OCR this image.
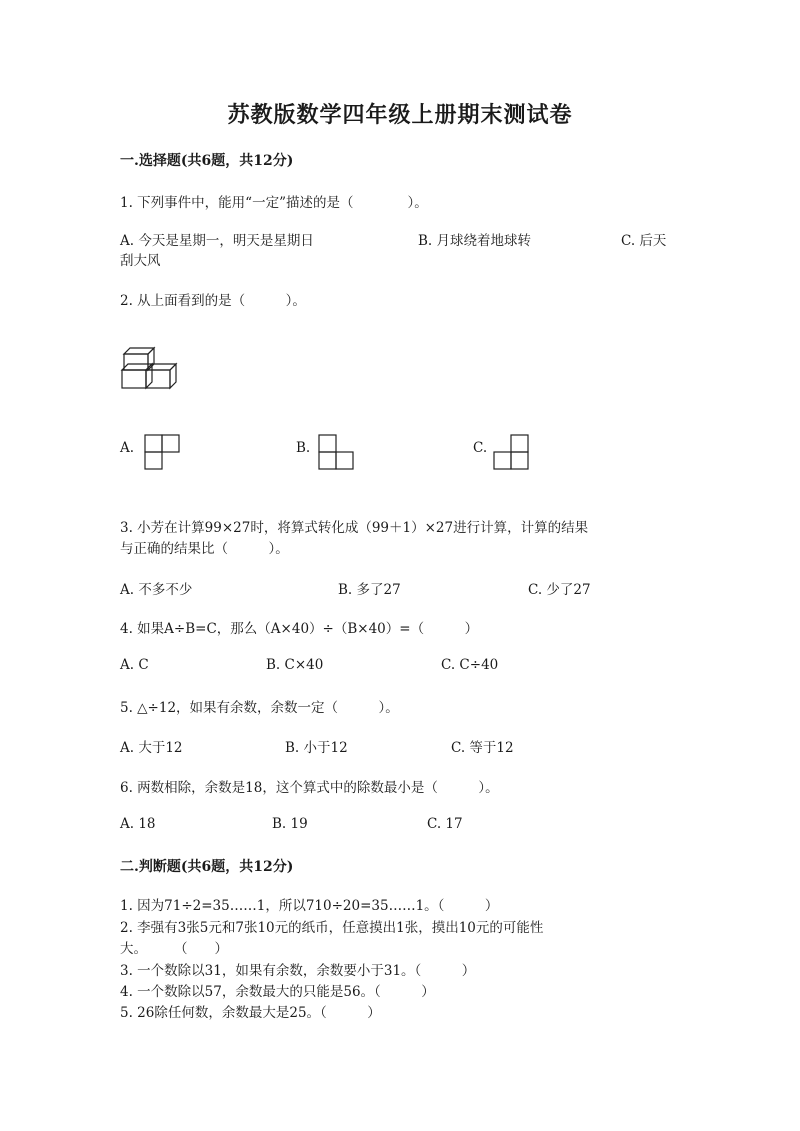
苏教版数学四年级上册期末测试卷
一.选择题(共6题，共12分)
1. 下列事件中，能用“一定”描述的是（　　　　）。
A. 今天是星期一，明天是星期日	B. 月球绕着地球转	C. 后天
刮大风
2. 从上面看到的是（　　　）。
A.	B.	C.
3. 小芳在计算99×27时，将算式转化成（99＋1）×27进行计算，计算的结果
与正确的结果比（　　　）。
A. 不多不少	B. 多了27	C. 少了27
4. 如果A÷B=C，那么（A×40）÷（B×40）=（　　　）
A. C	B. C×40	C. C÷40
5. △÷12，如果有余数，余数一定（　　　）。
A. 大于12	B. 小于12	C. 等于12
6. 两数相除，余数是18，这个算式中的除数最小是（　　　）。
A. 18	B. 19	C. 17
二.判断题(共6题，共12分)
1. 因为71÷2=35……1，所以710÷20=35……1。（　　　）
2. 李强有3张5元和7张10元的纸币，任意摸出1张，摸出10元的可能性
大。　　　（　　）
3. 一个数除以31，如果有余数，余数要小于31。（　　　）
4. 一个数除以57，余数最大的只能是56。（　　　）
5. 26除任何数，余数最大是25。（　　　）
